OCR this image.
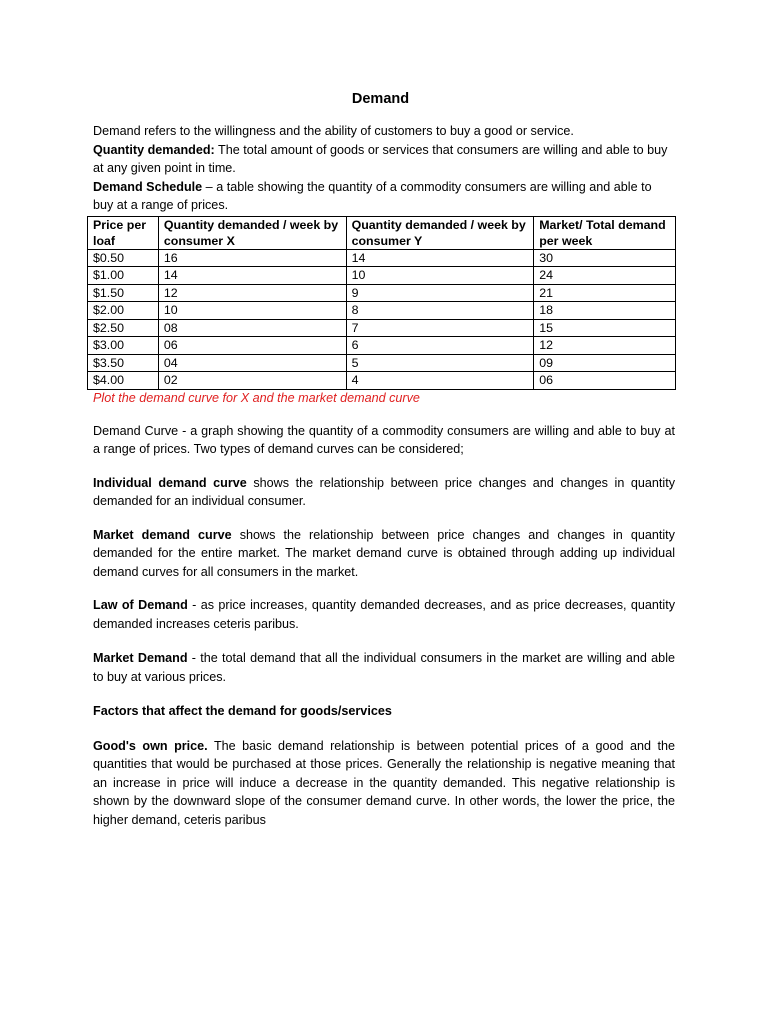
Demand

Demand refers to the willingness and the ability of customers to buy a good or service.

Quantity demanded: The total amount of goods or services that consumers are willing and able to buy at any given point in time.

Demand Schedule – a table showing the quantity of a commodity consumers are willing and able to buy at a range of prices.

Price per loaf	Quantity demanded / week by consumer X	Quantity demanded / week by consumer Y	Market/ Total demand per week
$0.50	16	14	30
$1.00	14	10	24
$1.50	12	9	21
$2.00	10	8	18
$2.50	08	7	15
$3.00	06	6	12
$3.50	04	5	09
$4.00	02	4	06

Plot the demand curve for X and the market demand curve

Demand Curve - a graph showing the quantity of a commodity consumers are willing and able to buy at a range of prices. Two types of demand curves can be considered;

Individual demand curve shows the relationship between price changes and changes in quantity demanded for an individual consumer.

Market demand curve shows the relationship between price changes and changes in quantity demanded for the entire market. The market demand curve is obtained through adding up individual demand curves for all consumers in the market.

Law of Demand - as price increases, quantity demanded decreases, and as price decreases, quantity demanded increases ceteris paribus.

Market Demand - the total demand that all the individual consumers in the market are willing and able to buy at various prices.

Factors that affect the demand for goods/services

Good's own price. The basic demand relationship is between potential prices of a good and the quantities that would be purchased at those prices. Generally the relationship is negative meaning that an increase in price will induce a decrease in the quantity demanded. This negative relationship is shown by the downward slope of the consumer demand curve. In other words, the lower the price, the higher demand, ceteris paribus
